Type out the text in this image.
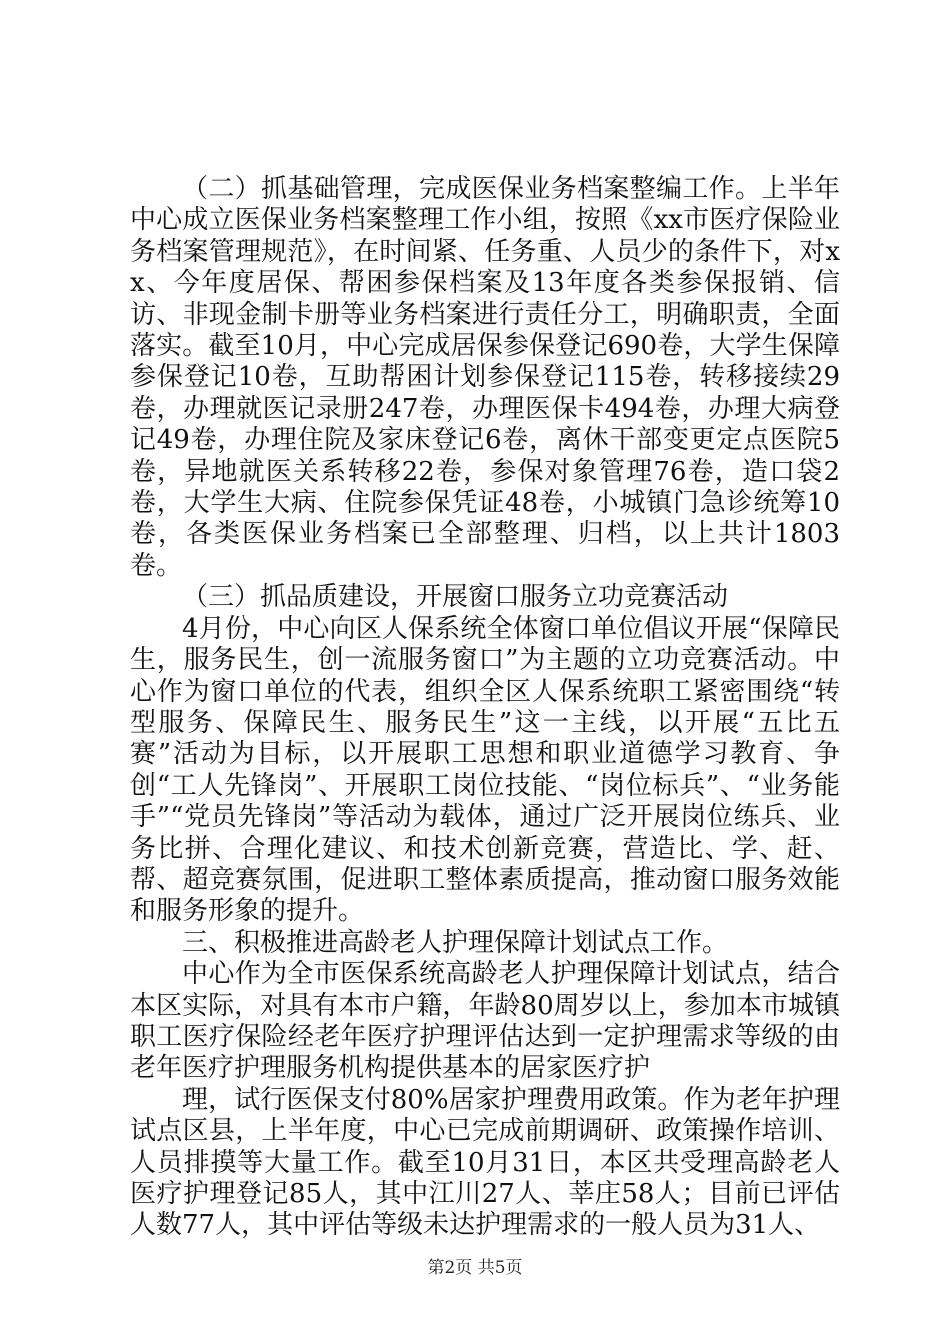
（二）抓基础管理，完成医保业务档案整编工作。上半年中心成立医保业务档案整理工作小组，按照《xx市医疗保险业务档案管理规范》，在时间紧、任务重、人员少的条件下，对xx、今年度居保、帮困参保档案及13年度各类参保报销、信访、非现金制卡册等业务档案进行责任分工，明确职责，全面落实。截至10月，中心完成居保参保登记690卷，大学生保障参保登记10卷，互助帮困计划参保登记115卷，转移接续29卷，办理就医记录册247卷，办理医保卡494卷，办理大病登记49卷，办理住院及家床登记6卷，离休干部变更定点医院5卷，异地就医关系转移22卷，参保对象管理76卷，造口袋2卷，大学生大病、住院参保凭证48卷，小城镇门急诊统筹10卷，各类医保业务档案已全部整理、归档，以上共计1803卷。

（三）抓品质建设，开展窗口服务立功竞赛活动

4月份，中心向区人保系统全体窗口单位倡议开展“保障民生，服务民生，创一流服务窗口”为主题的立功竞赛活动。中心作为窗口单位的代表，组织全区人保系统职工紧密围绕“转型服务、保障民生、服务民生”这一主线，以开展“五比五赛”活动为目标，以开展职工思想和职业道德学习教育、争创“工人先锋岗”、开展职工岗位技能、“岗位标兵”、“业务能手”“党员先锋岗”等活动为载体，通过广泛开展岗位练兵、业务比拼、合理化建议、和技术创新竞赛，营造比、学、赶、帮、超竞赛氛围，促进职工整体素质提高，推动窗口服务效能和服务形象的提升。

三、积极推进高龄老人护理保障计划试点工作。

中心作为全市医保系统高龄老人护理保障计划试点，结合本区实际，对具有本市户籍，年龄80周岁以上，参加本市城镇职工医疗保险经老年医疗护理评估达到一定护理需求等级的由老年医疗护理服务机构提供基本的居家医疗护

理，试行医保支付80%居家护理费用政策。作为老年护理试点区县，上半年度，中心已完成前期调研、政策操作培训、人员排摸等大量工作。截至10月31日，本区共受理高龄老人医疗护理登记85人，其中江川27人、莘庄58人；目前已评估人数77人，其中评估等级未达护理需求的一般人员为31人、

第2页 共5页
